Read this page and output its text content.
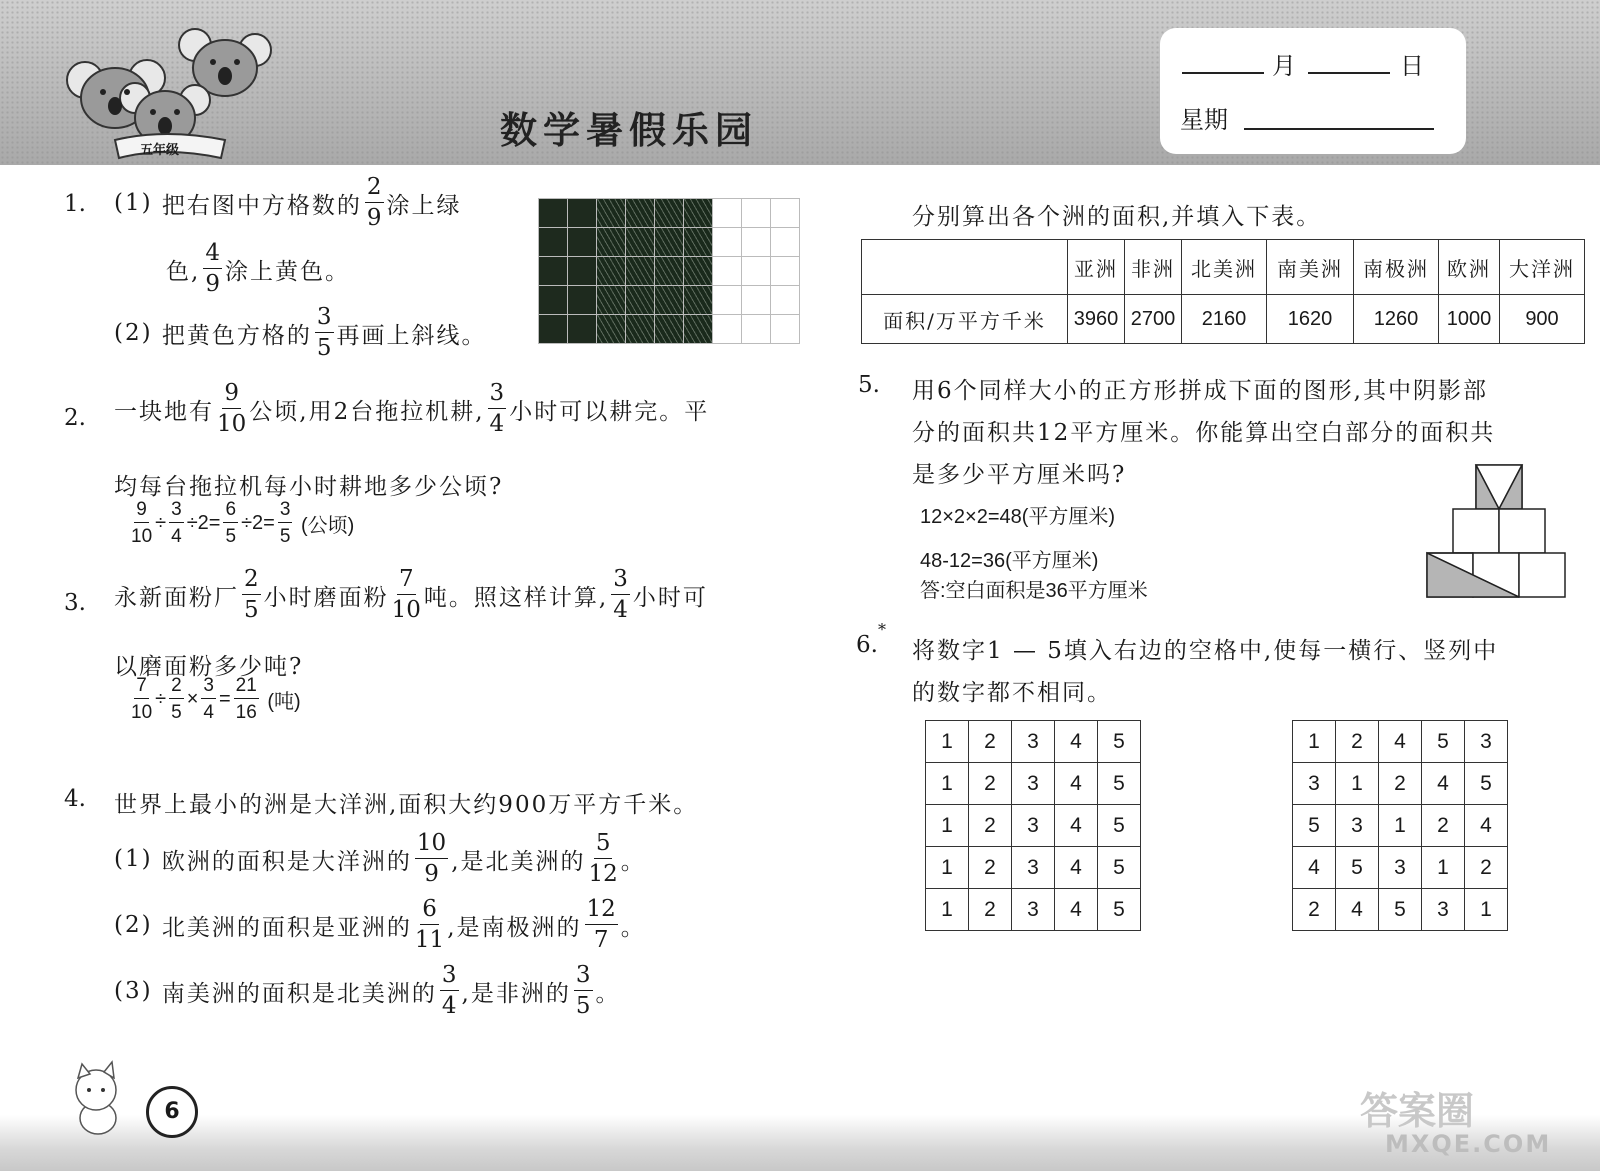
五年级	数学暑假乐园
月	日
星期
1. (1)
把右图中方格数的 $\frac{2}{9}$ 涂上绿
色, $\frac{4}{9}$ 涂上黄色。
(2)
把黄色方格的 $\frac{3}{5}$ 再画上斜线。
2. 一块地有 $\frac{9}{10}$ 公顷,用2台拖拉机耕, $\frac{3}{4}$ 小时可以耕完。平
均每台拖拉机每小时耕地多少公顷?
$\frac{9}{10} \div \frac{3}{4} \div 2= \frac{6}{5} \div 2= \frac{3}{5}$
(公顷)
3. 永新面粉厂 $\frac{2}{5}$ 小时磨面粉 $\frac{7}{10}$ 吨。照这样计算, $\frac{3}{4}$ 小时可
以磨面粉多少吨?
$\frac{7}{10} \div \frac{2}{5} \times \frac{3}{4} = \frac{21}{16}$
(吨)
4. 世界上最小的洲是大洋洲,面积大约900万平方千米。
(1)
欧洲的面积是大洋洲的 $\frac{10}{9}$ ,是北美洲的 $\frac{5}{12}$ 。
(2)
北美洲的面积是亚洲的 $\frac{6}{11}$ ,是南极洲的 $\frac{12}{7}$ 。
(3)
南美洲的面积是北美洲的 $\frac{3}{4}$ ,是非洲的 $\frac{3}{5}$ 。
分别算出各个洲的面积,并填入下表。
	亚洲	非洲	北美洲	南美洲	南极洲	欧洲	大洋洲
面积/万平方千米	3960	2700	2160	1620	1260	1000	900
5. 用6个同样大小的正方形拼成下面的图形,其中阴影部
分的面积共12平方厘米。你能算出空白部分的面积共
是多少平方厘米吗?
12×2×2=48(平方厘米)
48-12=36(平方厘米)
答:空白面积是36平方厘米
6.
*
将数字1 — 5填入右边的空格中,使每一横行、竖列中
的数字都不相同。
1	2	3	4	5
1	2	3	4	5
1	2	3	4	5
1	2	3	4	5
1	2	3	4	5
1	2	4	5	3
3	1	2	4	5
5	3	1	2	4
4	5	3	1	2
2	4	5	3	1
6	答案圈
MXQE.COM
